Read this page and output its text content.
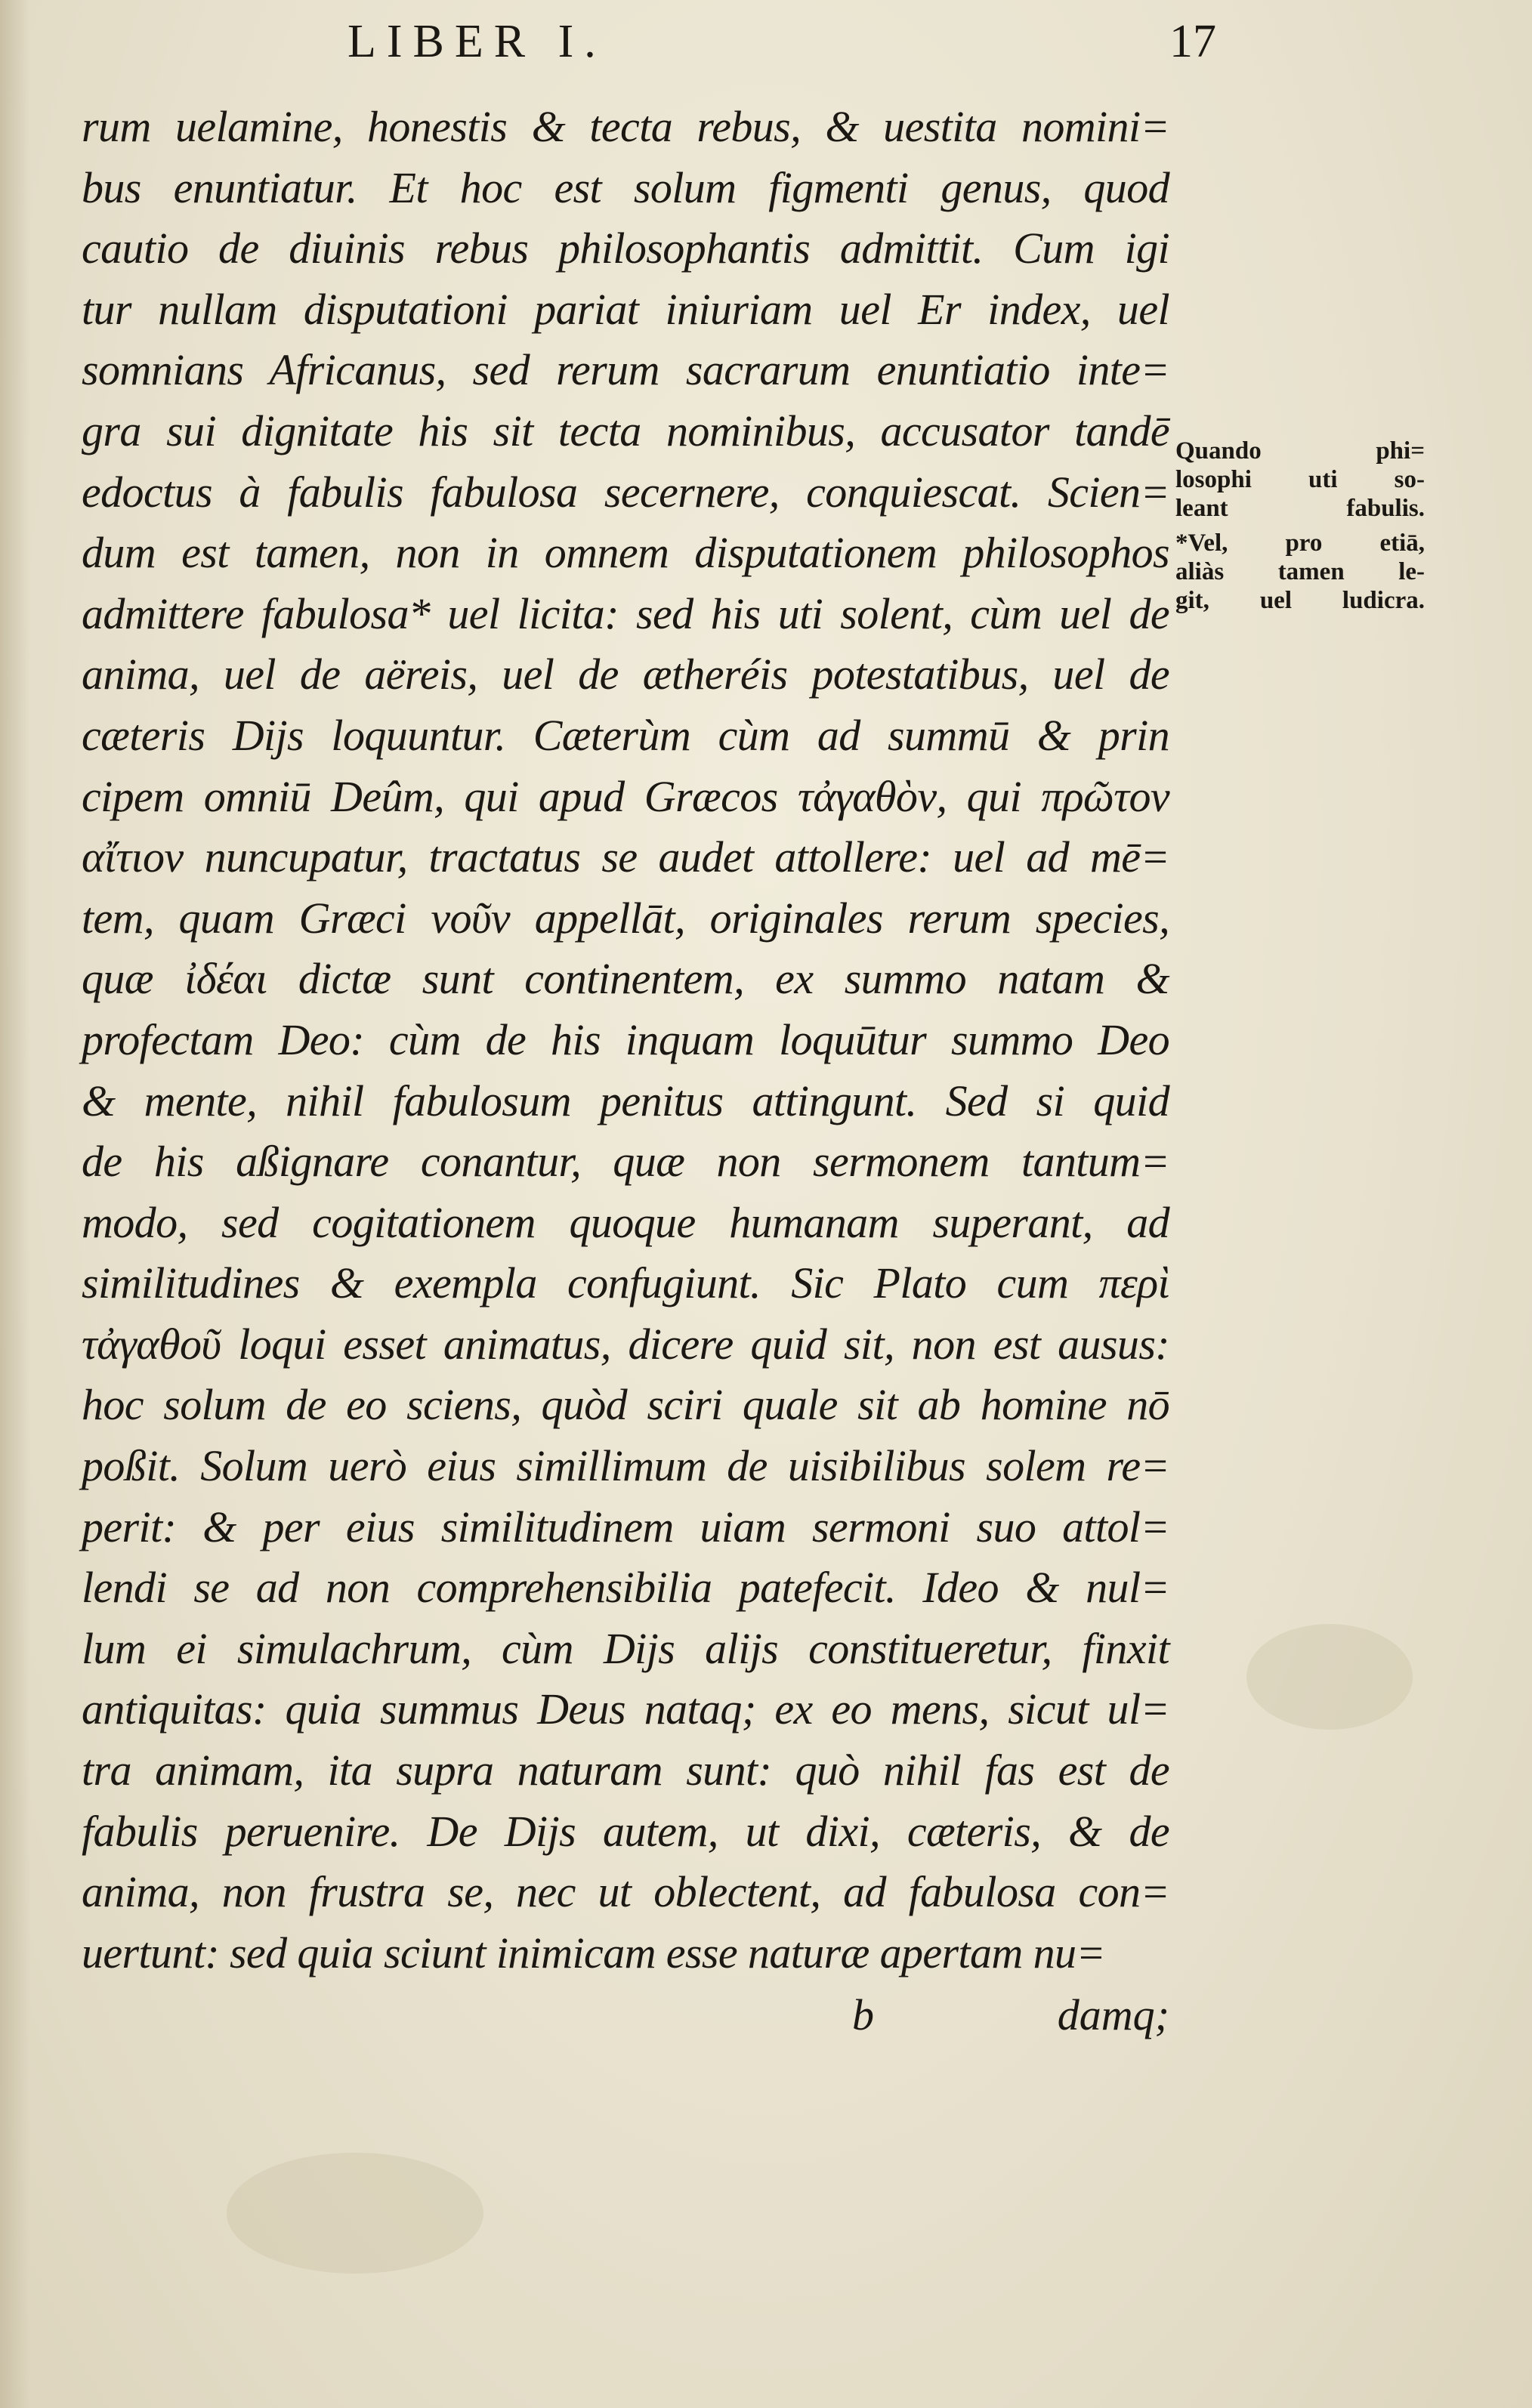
LIBER I.	17
rum uelamine, honestis & tecta rebus, & uestita nomini=
bus enuntiatur. Et hoc est solum figmenti genus, quod
cautio de diuinis rebus philosophantis admittit. Cum igi
tur nullam disputationi pariat iniuriam uel Er index, uel
somnians Africanus, sed rerum sacrarum enuntiatio inte=
gra sui dignitate his sit tecta nominibus, accusator tandē
edoctus à fabulis fabulosa secernere, conquiescat. Scien=
dum est tamen, non in omnem disputationem philosophos
admittere fabulosa* uel licita: sed his uti solent, cùm uel de
anima, uel de aëreis, uel de ætheréis potestatibus, uel de
cæteris Dijs loquuntur. Cæterùm cùm ad summū & prin
cipem omniū Deûm, qui apud Græcos τἀγαθὸν, qui πρῶτον
αἴτιον nuncupatur, tractatus se audet attollere: uel ad mē=
tem, quam Græci νοῦν appellāt, originales rerum species,
quæ ἰδέαι dictæ sunt continentem, ex summo natam &
profectam Deo: cùm de his inquam loquūtur summo Deo
& mente, nihil fabulosum penitus attingunt. Sed si quid
de his aßignare conantur, quæ non sermonem tantum=
modo, sed cogitationem quoque humanam superant, ad
similitudines & exempla confugiunt. Sic Plato cum περὶ
τἀγαθοῦ loqui esset animatus, dicere quid sit, non est ausus:
hoc solum de eo sciens, quòd sciri quale sit ab homine nō
poßit. Solum uerò eius simillimum de uisibilibus solem re=
perit: & per eius similitudinem uiam sermoni suo attol=
lendi se ad non comprehensibilia patefecit. Ideo & nul=
lum ei simulachrum, cùm Dijs alijs constitueretur, finxit
antiquitas: quia summus Deus nataq; ex eo mens, sicut ul=
tra animam, ita supra naturam sunt: quò nihil fas est de
fabulis peruenire. De Dijs autem, ut dixi, cæteris, & de
anima, non frustra se, nec ut oblectent, ad fabulosa con=
uertunt: sed quia sciunt inimicam esse naturæ apertam nu=
b	damq;
Quando phi=
losophi uti so-
leant fabulis.
*Vel, pro etiā,
aliàs tamen le-
git, uel ludicra.
